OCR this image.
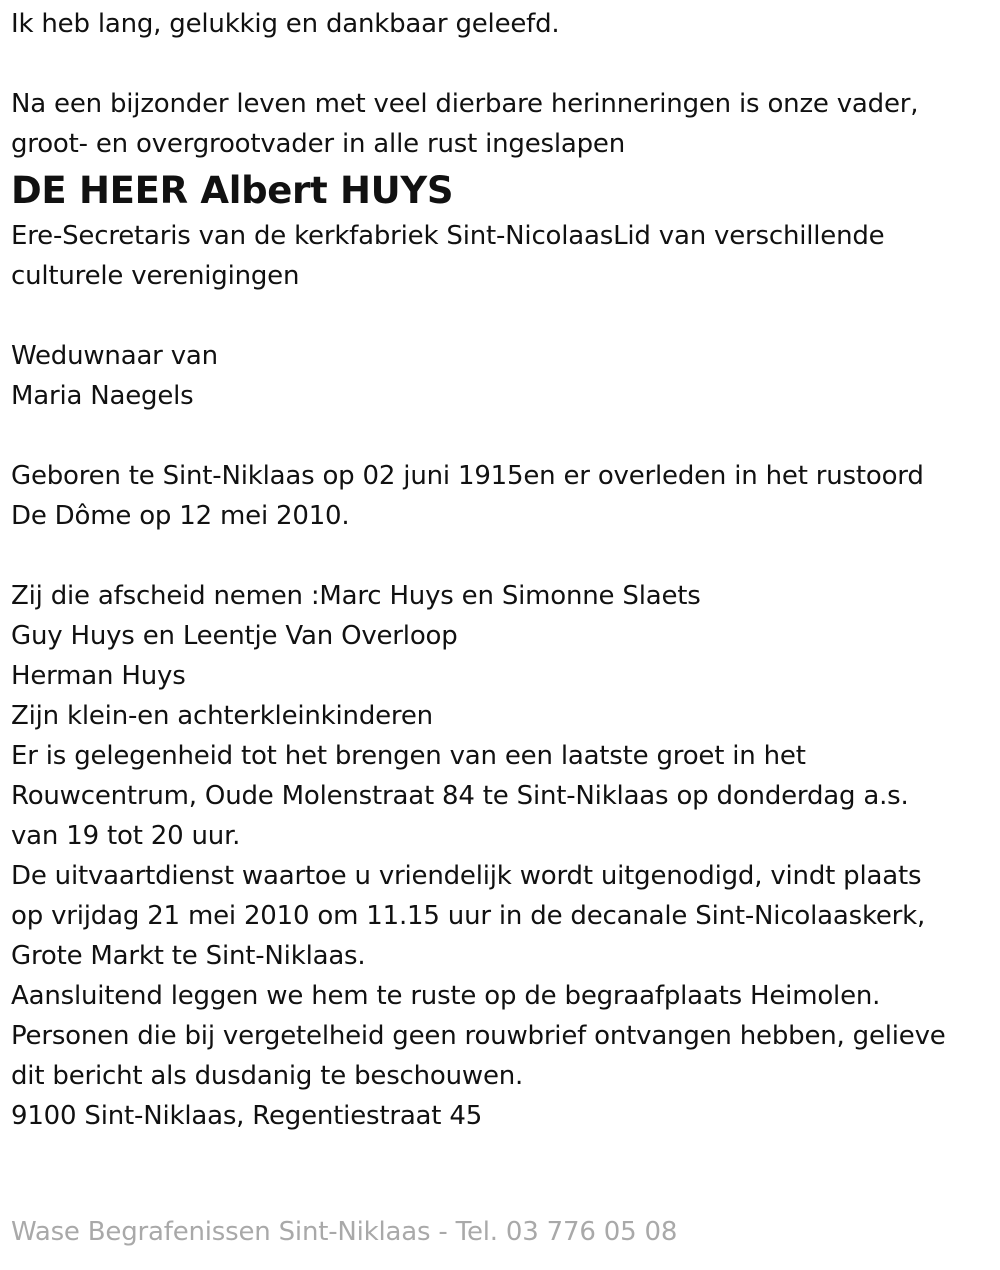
Ik heb lang, gelukkig en dankbaar geleefd.
Na een bijzonder leven met veel dierbare herinneringen is onze vader,
groot- en overgrootvader in alle rust ingeslapen
DE HEER Albert HUYS
Ere-Secretaris van de kerkfabriek Sint-NicolaasLid van verschillende
culturele verenigingen
Weduwnaar van
Maria Naegels
Geboren te Sint-Niklaas op 02 juni 1915en er overleden in het rustoord
De Dôme op 12 mei 2010.
Zij die afscheid nemen :Marc Huys en Simonne Slaets
Guy Huys en Leentje Van Overloop
Herman Huys
Zijn klein-en achterkleinkinderen
Er is gelegenheid tot het brengen van een laatste groet in het
Rouwcentrum, Oude Molenstraat 84 te Sint-Niklaas op donderdag a.s.
van 19 tot 20 uur.
De uitvaartdienst waartoe u vriendelijk wordt uitgenodigd, vindt plaats
op vrijdag 21 mei 2010 om 11.15 uur in de decanale Sint-Nicolaaskerk,
Grote Markt te Sint-Niklaas.
Aansluitend leggen we hem te ruste op de begraafplaats Heimolen.
Personen die bij vergetelheid geen rouwbrief ontvangen hebben, gelieve
dit bericht als dusdanig te beschouwen.
9100 Sint-Niklaas, Regentiestraat 45
Wase Begrafenissen Sint-Niklaas - Tel. 03 776 05 08
